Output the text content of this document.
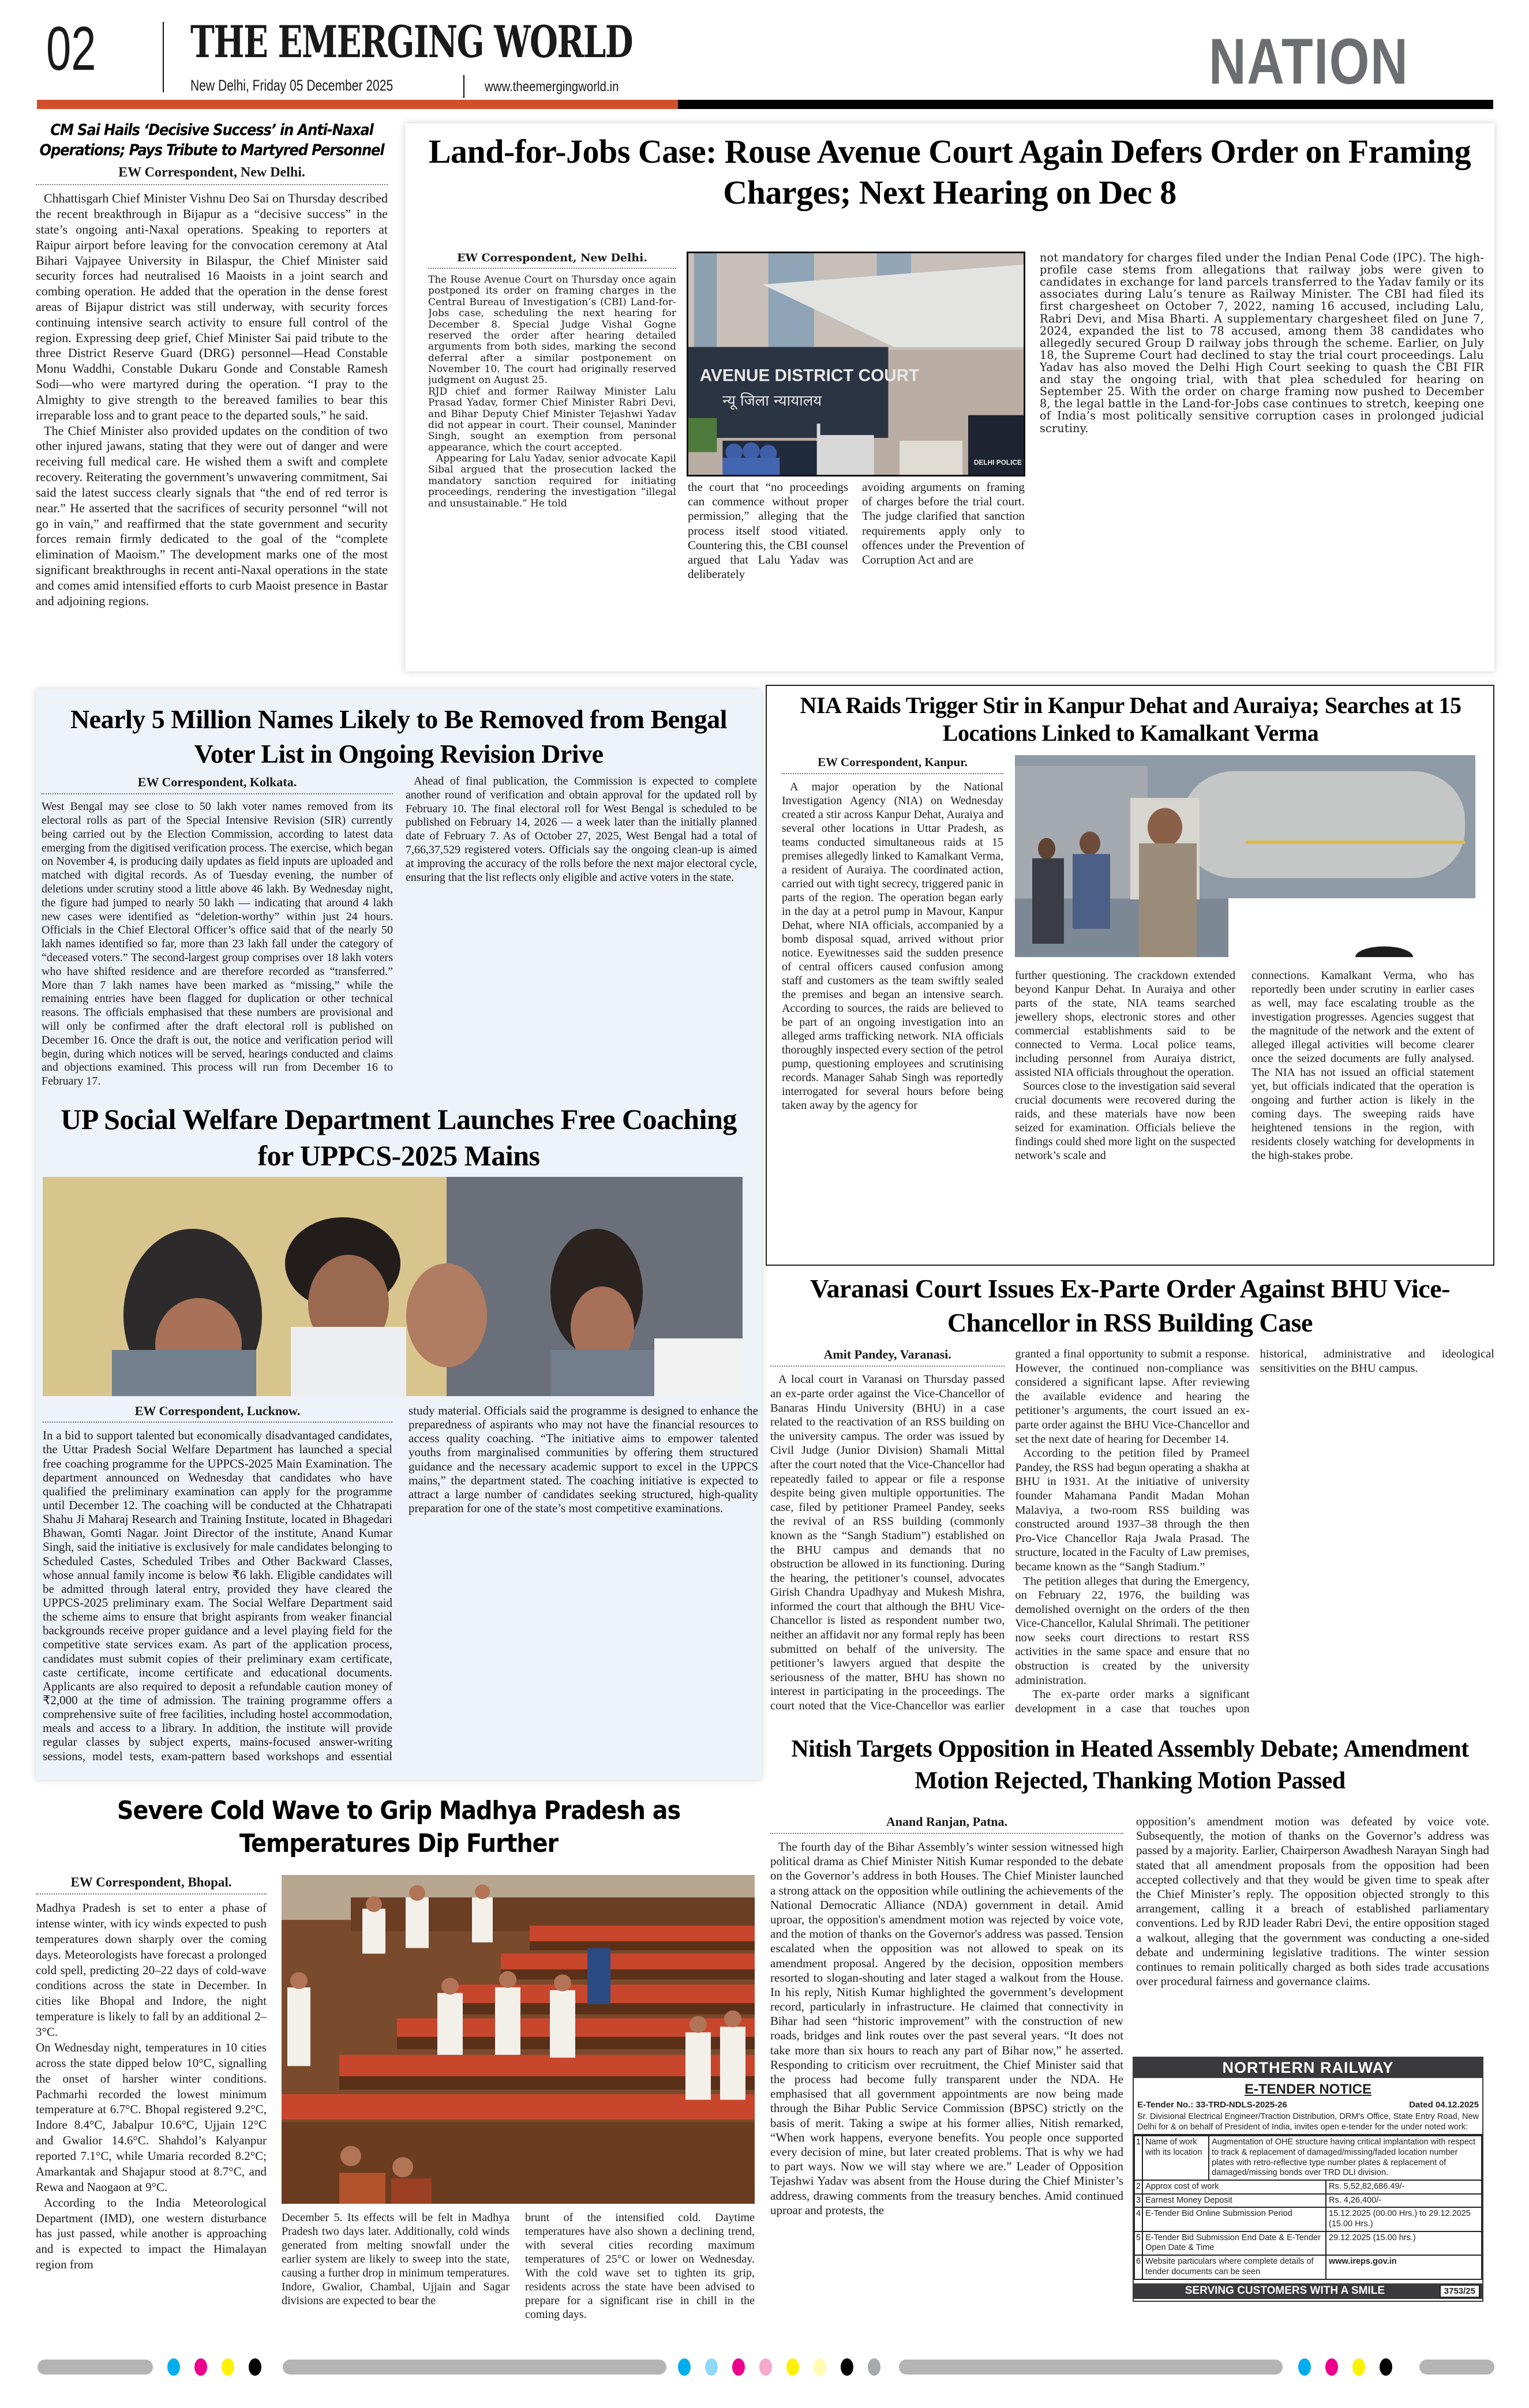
02 THE EMERGING WORLD
New Delhi, Friday 05 December 2025	www.theemergingworld.in	NATION
CM Sai Hails ‘Decisive Success’ in Anti-Naxal Operations; Pays Tribute to Martyred Personnel
EW Correspondent, New Delhi.

Chhattisgarh Chief Minister Vishnu Deo Sai on Thursday described the recent breakthrough in Bijapur as a “decisive success” in the state’s ongoing anti-Naxal operations. Speaking to reporters at Raipur airport before leaving for the convocation ceremony at Atal Bihari Vajpayee University in Bilaspur, the Chief Minister said security forces had neutralised 16 Maoists in a joint search and combing operation. He added that the operation in the dense forest areas of Bijapur district was still underway, with security forces continuing intensive search activity to ensure full control of the region. Expressing deep grief, Chief Minister Sai paid tribute to the three District Reserve Guard (DRG) personnel—Head Constable Monu Waddhi, Constable Dukaru Gonde and Constable Ramesh Sodi—who were martyred during the operation. “I pray to the Almighty to give strength to the bereaved families to bear this irreparable loss and to grant peace to the departed souls,” he said.

The Chief Minister also provided updates on the condition of two other injured jawans, stating that they were out of danger and were receiving full medical care. He wished them a swift and complete recovery. Reiterating the government’s unwavering commitment, Sai said the latest success clearly signals that “the end of red terror is near.” He asserted that the sacrifices of security personnel “will not go in vain,” and reaffirmed that the state government and security forces remain firmly dedicated to the goal of the “complete elimination of Maoism.” The development marks one of the most significant breakthroughs in recent anti-Naxal operations in the state and comes amid intensified efforts to curb Maoist presence in Bastar and adjoining regions.

Land-for-Jobs Case: Rouse Avenue Court Again Defers Order on Framing Charges; Next Hearing on Dec 8
EW Correspondent, New Delhi.

The Rouse Avenue Court on Thursday once again postponed its order on framing charges in the Central Bureau of Investigation’s (CBI) Land-for-Jobs case, scheduling the next hearing for December 8. Special Judge Vishal Gogne reserved the order after hearing detailed arguments from both sides, marking the second deferral after a similar postponement on November 10. The court had originally reserved judgment on August 25.

RJD chief and former Railway Minister Lalu Prasad Yadav, former Chief Minister Rabri Devi, and Bihar Deputy Chief Minister Tejashwi Yadav did not appear in court. Their counsel, Maninder Singh, sought an exemption from personal appearance, which the court accepted.

Appearing for Lalu Yadav, senior advocate Kapil Sibal argued that the prosecution lacked the mandatory sanction required for initiating proceedings, rendering the investigation “illegal and unsustainable.” He told

AVENUE DISTRICT COURT
न्यू जिला न्यायालय
DELHI POLICE

the court that “no proceedings can commence without proper permission,” alleging that the process itself stood vitiated. Countering this, the CBI counsel argued that Lalu Yadav was deliberately

avoiding arguments on framing of charges before the trial court. The judge clarified that sanction requirements apply only to offences under the Prevention of Corruption Act and are

not mandatory for charges filed under the Indian Penal Code (IPC). The high-profile case stems from allegations that railway jobs were given to candidates in exchange for land parcels transferred to the Yadav family or its associates during Lalu’s tenure as Railway Minister. The CBI had filed its first chargesheet on October 7, 2022, naming 16 accused, including Lalu, Rabri Devi, and Misa Bharti. A supplementary chargesheet filed on June 7, 2024, expanded the list to 78 accused, among them 38 candidates who allegedly secured Group D railway jobs through the scheme. Earlier, on July 18, the Supreme Court had declined to stay the trial court proceedings. Lalu Yadav has also moved the Delhi High Court seeking to quash the CBI FIR and stay the ongoing trial, with that plea scheduled for hearing on September 25. With the order on charge framing now pushed to December 8, the legal battle in the Land-for-Jobs case continues to stretch, keeping one of India’s most politically sensitive corruption cases in prolonged judicial scrutiny.

Nearly 5 Million Names Likely to Be Removed from Bengal Voter List in Ongoing Revision Drive
EW Correspondent, Kolkata.

West Bengal may see close to 50 lakh voter names removed from its electoral rolls as part of the Special Intensive Revision (SIR) currently being carried out by the Election Commission, according to latest data emerging from the digitised verification process. The exercise, which began on November 4, is producing daily updates as field inputs are uploaded and matched with digital records. As of Tuesday evening, the number of deletions under scrutiny stood a little above 46 lakh. By Wednesday night, the figure had jumped to nearly 50 lakh — indicating that around 4 lakh new cases were identified as “deletion-worthy” within just 24 hours. Officials in the Chief Electoral Officer’s office said that of the nearly 50 lakh names identified so far, more than 23 lakh fall under the category of “deceased voters.” The second-largest group comprises over 18 lakh voters who have shifted residence and are therefore recorded as “transferred.” More than 7 lakh names have been marked as “missing,” while the remaining entries have been flagged for duplication or other technical reasons. The officials emphasised that these numbers are provisional and will only be confirmed after the draft electoral roll is published on December 16. Once the draft is out, the notice and verification period will begin, during which notices will be served, hearings conducted and claims and objections examined. This process will run from December 16 to February 17.

Ahead of final publication, the Commission is expected to complete another round of verification and obtain approval for the updated roll by February 10. The final electoral roll for West Bengal is scheduled to be published on February 14, 2026 — a week later than the initially planned date of February 7. As of October 27, 2025, West Bengal had a total of 7,66,37,529 registered voters. Officials say the ongoing clean-up is aimed at improving the accuracy of the rolls before the next major electoral cycle, ensuring that the list reflects only eligible and active voters in the state.

UP Social Welfare Department Launches Free Coaching for UPPCS-2025 Mains
EW Correspondent, Lucknow.

In a bid to support talented but economically disadvantaged candidates, the Uttar Pradesh Social Welfare Department has launched a special free coaching programme for the UPPCS-2025 Main Examination. The department announced on Wednesday that candidates who have qualified the preliminary examination can apply for the programme until December 12. The coaching will be conducted at the Chhatrapati Shahu Ji Maharaj Research and Training Institute, located in Bhagedari Bhawan, Gomti Nagar. Joint Director of the institute, Anand Kumar Singh, said the initiative is exclusively for male candidates belonging to Scheduled Castes, Scheduled Tribes and Other Backward Classes, whose annual family income is below ₹6 lakh. Eligible candidates will be admitted through lateral entry, provided they have cleared the UPPCS-2025 preliminary exam. The Social Welfare Department said the scheme aims to ensure that bright aspirants from weaker financial backgrounds receive proper guidance and a level playing field for the competitive state services exam. As part of the application process, candidates must submit copies of their preliminary exam certificate, caste certificate, income certificate and educational documents. Applicants are also required to deposit a refundable caution money of ₹2,000 at the time of admission. The training programme offers a comprehensive suite of free facilities, including hostel accommodation, meals and access to a library. In addition, the institute will provide regular classes by subject experts, mains-focused answer-writing sessions, model tests, exam-pattern based workshops and essential study material. Officials said the programme is designed to enhance the preparedness of aspirants who may not have the financial resources to access quality coaching. “The initiative aims to empower talented youths from marginalised communities by offering them structured guidance and the necessary academic support to excel in the UPPCS mains,” the department stated. The coaching initiative is expected to attract a large number of candidates seeking structured, high-quality preparation for one of the state’s most competitive examinations.

NIA Raids Trigger Stir in Kanpur Dehat and Auraiya; Searches at 15 Locations Linked to Kamalkant Verma
EW Correspondent, Kanpur.

A major operation by the National Investigation Agency (NIA) on Wednesday created a stir across Kanpur Dehat, Auraiya and several other locations in Uttar Pradesh, as teams conducted simultaneous raids at 15 premises allegedly linked to Kamalkant Verma, a resident of Auraiya. The coordinated action, carried out with tight secrecy, triggered panic in parts of the region. The operation began early in the day at a petrol pump in Mavour, Kanpur Dehat, where NIA officials, accompanied by a bomb disposal squad, arrived without prior notice. Eyewitnesses said the sudden presence of central officers caused confusion among staff and customers as the team swiftly sealed the premises and began an intensive search. According to sources, the raids are believed to be part of an ongoing investigation into an alleged arms trafficking network. NIA officials thoroughly inspected every section of the petrol pump, questioning employees and scrutinising records. Manager Sahab Singh was reportedly interrogated for several hours before being taken away by the agency for

further questioning. The crackdown extended beyond Kanpur Dehat. In Auraiya and other parts of the state, NIA teams searched jewellery shops, electronic stores and other commercial establishments said to be connected to Verma. Local police teams, including personnel from Auraiya district, assisted NIA officials throughout the operation.

Sources close to the investigation said several crucial documents were recovered during the raids, and these materials have now been seized for examination. Officials believe the findings could shed more light on the suspected network’s scale and

connections. Kamalkant Verma, who has reportedly been under scrutiny in earlier cases as well, may face escalating trouble as the investigation progresses. Agencies suggest that the magnitude of the network and the extent of alleged illegal activities will become clearer once the seized documents are fully analysed. The NIA has not issued an official statement yet, but officials indicated that the operation is ongoing and further action is likely in the coming days. The sweeping raids have heightened tensions in the region, with residents closely watching for developments in the high-stakes probe.

Varanasi Court Issues Ex-Parte Order Against BHU Vice-Chancellor in RSS Building Case
Amit Pandey, Varanasi.

A local court in Varanasi on Thursday passed an ex-parte order against the Vice-Chancellor of Banaras Hindu University (BHU) in a case related to the reactivation of an RSS building on the university campus. The order was issued by Civil Judge (Junior Division) Shamali Mittal after the court noted that the Vice-Chancellor had repeatedly failed to appear or file a response despite being given multiple opportunities. The case, filed by petitioner Prameel Pandey, seeks the revival of an RSS building (commonly known as the “Sangh Stadium”) established on the BHU campus and demands that no obstruction be allowed in its functioning. During the hearing, the petitioner’s counsel, advocates Girish Chandra Upadhyay and Mukesh Mishra, informed the court that although the BHU Vice-Chancellor is listed as respondent number two, neither an affidavit nor any formal reply has been submitted on behalf of the university. The petitioner’s lawyers argued that despite the seriousness of the matter, BHU has shown no interest in participating in the proceedings. The court noted that the Vice-Chancellor was earlier granted a final opportunity to submit a response. However, the continued non-compliance was considered a significant lapse. After reviewing the available evidence and hearing the petitioner’s arguments, the court issued an ex-parte order against the BHU Vice-Chancellor and set the next date of hearing for December 14.

According to the petition filed by Prameel Pandey, the RSS had begun operating a shakha at BHU in 1931. At the initiative of university founder Mahamana Pandit Madan Mohan Malaviya, a two-room RSS building was constructed around 1937–38 through the then Pro-Vice Chancellor Raja Jwala Prasad. The structure, located in the Faculty of Law premises, became known as the “Sangh Stadium.”

The petition alleges that during the Emergency, on February 22, 1976, the building was demolished overnight on the orders of the then Vice-Chancellor, Kalulal Shrimali. The petitioner now seeks court directions to restart RSS activities in the same space and ensure that no obstruction is created by the university administration.

The ex-parte order marks a significant development in a case that touches upon historical, administrative and ideological sensitivities on the BHU campus.

Nitish Targets Opposition in Heated Assembly Debate; Amendment Motion Rejected, Thanking Motion Passed
Anand Ranjan, Patna.

The fourth day of the Bihar Assembly’s winter session witnessed high political drama as Chief Minister Nitish Kumar responded to the debate on the Governor’s address in both Houses. The Chief Minister launched a strong attack on the opposition while outlining the achievements of the National Democratic Alliance (NDA) government in detail. Amid uproar, the opposition's amendment motion was rejected by voice vote, and the motion of thanks on the Governor's address was passed. Tension escalated when the opposition was not allowed to speak on its amendment proposal. Angered by the decision, opposition members resorted to slogan-shouting and later staged a walkout from the House. In his reply, Nitish Kumar highlighted the government’s development record, particularly in infrastructure. He claimed that connectivity in Bihar had seen “historic improvement” with the construction of new roads, bridges and link routes over the past several years. “It does not take more than six hours to reach any part of Bihar now,” he asserted. Responding to criticism over recruitment, the Chief Minister said that the process had become fully transparent under the NDA. He emphasised that all government appointments are now being made through the Bihar Public Service Commission (BPSC) strictly on the basis of merit. Taking a swipe at his former allies, Nitish remarked, “When work happens, everyone benefits. You people once supported every decision of mine, but later created problems. That is why we had to part ways. Now we will stay where we are.” Leader of Opposition Tejashwi Yadav was absent from the House during the Chief Minister’s address, drawing comments from the treasury benches. Amid continued uproar and protests, the

opposition’s amendment motion was defeated by voice vote. Subsequently, the motion of thanks on the Governor’s address was passed by a majority. Earlier, Chairperson Awadhesh Narayan Singh had stated that all amendment proposals from the opposition had been accepted collectively and that they would be given time to speak after the Chief Minister’s reply. The opposition objected strongly to this arrangement, calling it a breach of established parliamentary conventions. Led by RJD leader Rabri Devi, the entire opposition staged a walkout, alleging that the government was conducting a one-sided debate and undermining legislative traditions. The winter session continues to remain politically charged as both sides trade accusations over procedural fairness and governance claims.

NORTHERN RAILWAY
E-TENDER NOTICE
E-Tender No.: 33-TRD-NDLS-2025-26	Dated 04.12.2025
Sr. Divisional Electrical Engineer/Traction Distribution, DRM's Office, State Entry Road, New Delhi for & on behalf of President of India, invites open e-tender for the under noted work:
1	Name of work with its location	Augmentation of OHE structure having critical implantation with respect to track & replacement of damaged/missing/faded location number plates with retro-reflective type number plates & replacement of damaged/missing bonds over TRD DLI division.	
2	Approx cost of work		Rs. 5,52,82,686.49/-
3	Earnest Money Deposit		Rs. 4,26,400/-
4	E-Tender Bid Online Submission Period		15.12.2025 (00.00 Hrs.) to 29.12.2025 (15.00 Hrs.)
5	E-Tender Bid Submission End Date & E-Tender Open Date & Time		29.12.2025 (15.00 hrs.)
6	Website particulars where complete details of tender documents can be seen		www.ireps.gov.in
SERVING CUSTOMERS WITH A SMILE	3753/25
Severe Cold Wave to Grip Madhya Pradesh as Temperatures Dip Further
EW Correspondent, Bhopal.

Madhya Pradesh is set to enter a phase of intense winter, with icy winds expected to push temperatures down sharply over the coming days. Meteorologists have forecast a prolonged cold spell, predicting 20–22 days of cold-wave conditions across the state in December. In cities like Bhopal and Indore, the night temperature is likely to fall by an additional 2–3°C.

On Wednesday night, temperatures in 10 cities across the state dipped below 10°C, signalling the onset of harsher winter conditions. Pachmarhi recorded the lowest minimum temperature at 6.7°C. Bhopal registered 9.2°C, Indore 8.4°C, Jabalpur 10.6°C, Ujjain 12°C and Gwalior 14.6°C. Shahdol’s Kalyanpur reported 7.1°C, while Umaria recorded 8.2°C; Amarkantak and Shajapur stood at 8.7°C, and Rewa and Naogaon at 9°C.

According to the India Meteorological Department (IMD), one western disturbance has just passed, while another is approaching and is expected to impact the Himalayan region from

December 5. Its effects will be felt in Madhya Pradesh two days later. Additionally, cold winds generated from melting snowfall under the earlier system are likely to sweep into the state, causing a further drop in minimum temperatures. Indore, Gwalior, Chambal, Ujjain and Sagar divisions are expected to bear the

brunt of the intensified cold. Daytime temperatures have also shown a declining trend, with several cities recording maximum temperatures of 25°C or lower on Wednesday. With the cold wave set to tighten its grip, residents across the state have been advised to prepare for a significant rise in chill in the coming days.
